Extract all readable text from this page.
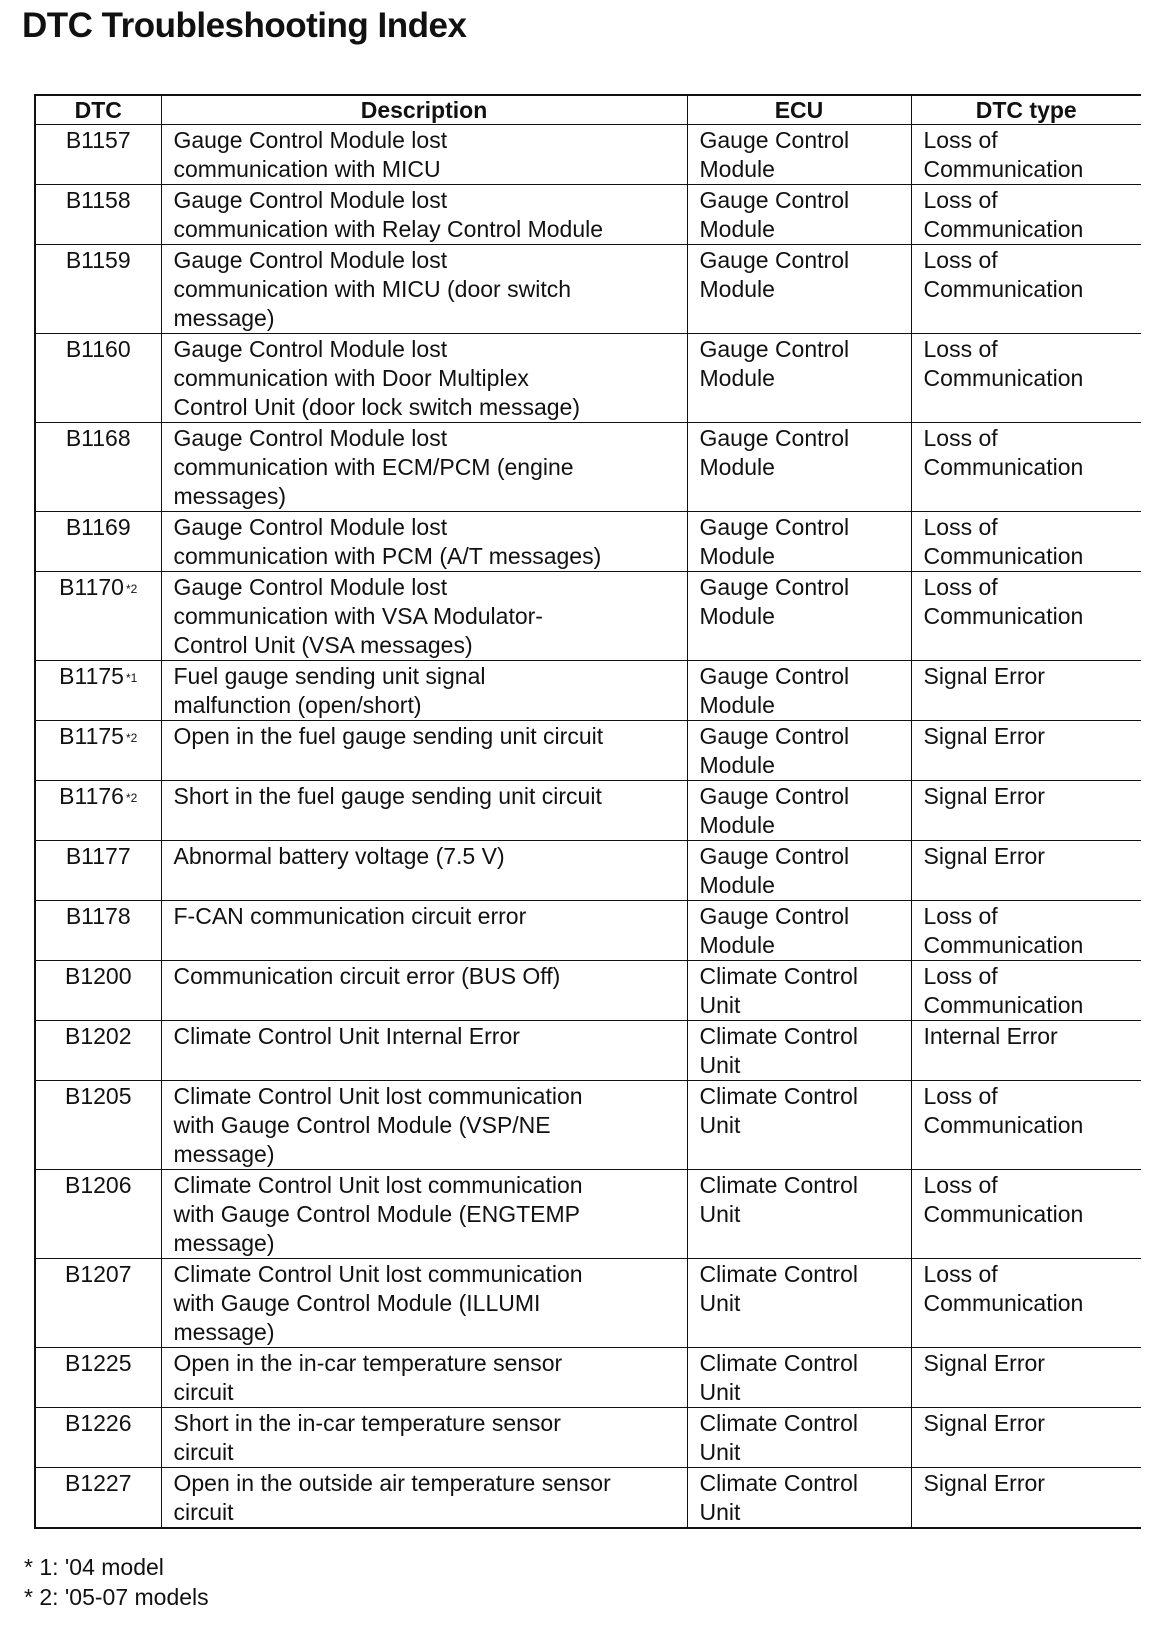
DTC Troubleshooting Index
DTC	Description	ECU	DTC type
B1157	Gauge Control Module lost
communication with MICU	Gauge Control
Module	Loss of
Communication

B1158	Gauge Control Module lost
communication with Relay Control Module	Gauge Control
Module	Loss of
Communication

B1159	Gauge Control Module lost
communication with MICU (door switch
message)	Gauge Control
Module	Loss of
Communication

B1160	Gauge Control Module lost
communication with Door Multiplex
Control Unit (door lock switch message)	Gauge Control
Module	Loss of
Communication

B1168	Gauge Control Module lost
communication with ECM/PCM (engine
messages)	Gauge Control
Module	Loss of
Communication

B1169	Gauge Control Module lost
communication with PCM (A/T messages)	Gauge Control
Module	Loss of
Communication

B1170 $^{*2}$	Gauge Control Module lost
communication with VSA Modulator-
Control Unit (VSA messages)	Gauge Control
Module	Loss of
Communication

B1175 $^{*1}$	Fuel gauge sending unit signal
malfunction (open/short)	Gauge Control
Module	Signal Error

B1175 $^{*2}$	Open in the fuel gauge sending unit circuit	Gauge Control
Module	Signal Error

B1176 $^{*2}$	Short in the fuel gauge sending unit circuit	Gauge Control
Module	Signal Error

B1177	Abnormal battery voltage (7.5 V)	Gauge Control
Module	Signal Error

B1178	F-CAN communication circuit error	Gauge Control
Module	Loss of
Communication

B1200	Communication circuit error (BUS Off)	Climate Control
Unit	Loss of
Communication

B1202	Climate Control Unit Internal Error	Climate Control
Unit	Internal Error

B1205	Climate Control Unit lost communication
with Gauge Control Module (VSP/NE
message)	Climate Control
Unit	Loss of
Communication

B1206	Climate Control Unit lost communication
with Gauge Control Module (ENGTEMP
message)	Climate Control
Unit	Loss of
Communication

B1207	Climate Control Unit lost communication
with Gauge Control Module (ILLUMI
message)	Climate Control
Unit	Loss of
Communication

B1225	Open in the in-car temperature sensor
circuit	Climate Control
Unit	Signal Error

B1226	Short in the in-car temperature sensor
circuit	Climate Control
Unit	Signal Error

B1227	Open in the outside air temperature sensor
circuit	Climate Control
Unit	Signal Error
* 1: '04 model
* 2: '05-07 models
